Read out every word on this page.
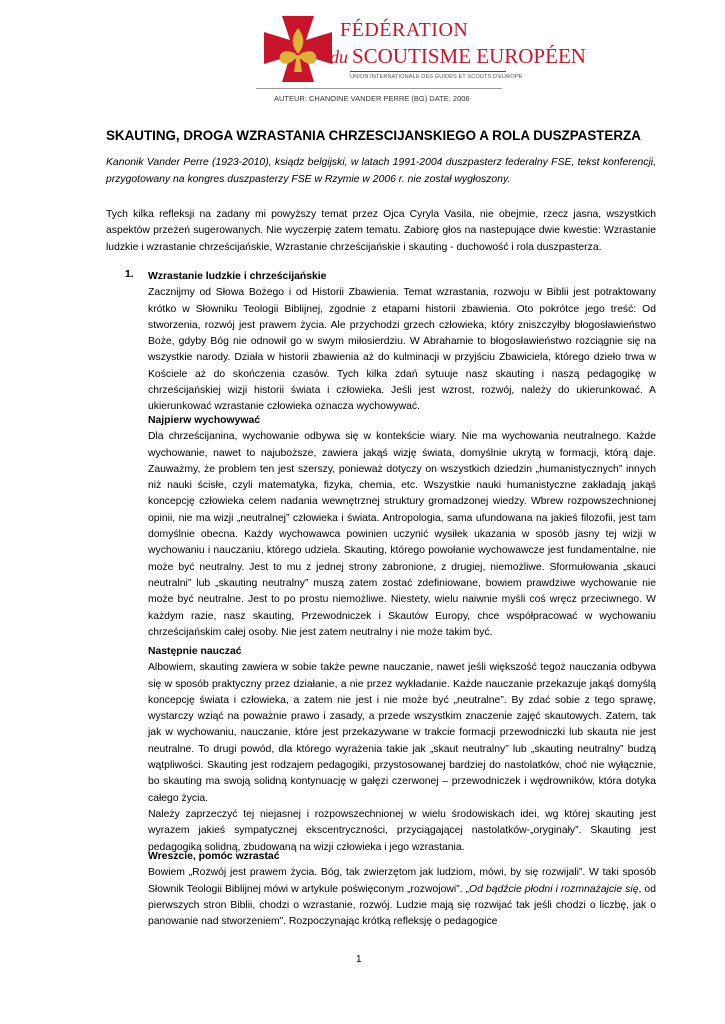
FÉDÉRATION
du SCOUTISME EUROPÉEN
UNION INTERNATIONALE DES GUIDES ET SCOUTS D'EUROPE
AUTEUR: CHANOINE VANDER PERRE (BG) DATE: 2006
SKAUTING, DROGA WZRASTANIA CHRZESCIJANSKIEGO A ROLA DUSZPASTERZA

Kanonik Vander Perre (1923-2010), ksiądz belgijski, w latach 1991-2004 duszpasterz federalny FSE, tekst konferencji, przygotowany na kongres duszpasterzy FSE w Rzymie w 2006 r. nie został wygłoszony.

Tych kilka refleksji na zadany mi powyższy temat przez Ojca Cyryla Vasila, nie obejmie, rzecz jasna, wszystkich aspektów przeżeń sugerowanych. Nie wyczerpię zatem tematu. Zabiorę głos na nastepujące dwie kwestie: Wzrastanie ludzkie i wzrastanie chrześcijańskie, Wzrastanie chrześcijańskie i skauting - duchowość i rola duszpasterza.

1. Wzrastanie ludzkie i chrześcijańskie

Zacznijmy od Słowa Bożego i od Historii Zbawienia. Temat wzrastania, rozwoju w Biblii jest potraktowany krótko w Słowniku Teologii Biblijnej, zgodnie z etapami historii zbawienia. Oto pokrótce jego treść: Od stworzenia, rozwój jest prawem życia. Ale przychodzi grzech człowieka, który zniszczyłby błogosławieństwo Boże, gdyby Bóg nie odnowił go w swym miłosierdziu. W Abrahamie to błogosławieństwo rozciągnie się na wszystkie narody. Działa w historii zbawienia aż do kulminacji w przyjściu Zbawiciela, którego dzieło trwa w Kościele aż do skończenia czasów. Tych kilka zdań sytuuje nasz skauting i naszą pedagogikę w chrześcijańskiej wizji historii świata i człowieka. Jeśli jest wzrost, rozwój, należy do ukierunkować. A ukierunkować wzrastanie człowieka oznacza wychowywać.

Najpierw wychowywać

Dla chrześcijanina, wychowanie odbywa się w kontekście wiary. Nie ma wychowania neutralnego. Każde wychowanie, nawet to najuboższe, zawiera jakąś wizję świata, domyślnie ukrytą w formacji, którą daje. Zauważmy, że problem ten jest szerszy, ponieważ dotyczy on wszystkich dziedzin „humanistycznych” innych niż nauki ścisłe, czyli matematyka, fizyka, chemia, etc. Wszystkie nauki humanistyczne zakładają jakąś koncepcję człowieka celem nadania wewnętrznej struktury gromadzonej wiedzy. Wbrew rozpowszechnionej opinii, nie ma wizji „neutralnej” człowieka i świata. Antropologia, sama ufundowana na jakieś filozofii, jest tam domyślnie obecna. Każdy wychowawca powinien uczynić wysiłek ukazania w sposób jasny tej wizji w wychowaniu i nauczaniu, którego udziela. Skauting, którego powołanie wychowawcze jest fundamentalne, nie może być neutralny. Jest to mu z jednej strony zabronione, z drugiej, niemożliwe. Sformułowania „skauci neutralni” lub „skauting neutralny” muszą zatem zostać zdefiniowane, bowiem prawdziwe wychowanie nie może być neutralne. Jest to po prostu niemożliwe. Niestety, wielu naiwnie myśli coś wręcz przeciwnego. W każdym razie, nasz skauting, Przewodniczek i Skautów Europy, chce współpracować w wychowaniu chrześcijańskim całej osoby. Nie jest zatem neutralny i nie może takim być.

Następnie nauczać

Albowiem, skauting zawiera w sobie także pewne nauczanie, nawet jeśli większość tegoż nauczania odbywa się w sposób praktyczny przez działanie, a nie przez wykładanie. Każde nauczanie przekazuje jakąś domyślą koncepcję świata i człowieka, a zatem nie jest i nie może być „neutralne”. By zdać sobie z tego sprawę, wystarczy wziąć na poważnie prawo i zasady, a przede wszystkim znaczenie zajęć skautowych. Zatem, tak jak w wychowaniu, nauczanie, które jest przekazywane w trakcie formacji przewodniczki lub skauta nie jest neutralne. To drugi powód, dla którego wyrażenia takie jak „skaut neutralny” lub „skauting neutralny” budzą wątpliwości. Skauting jest rodzajem pedagogiki, przystosowanej bardziej do nastolatków, choć nie wyłącznie, bo skauting ma swoją solidną kontynuację w gałęzi czerwonej – przewodniczek i wędrowników, która dotyka całego życia.

Należy zaprzeczyć tej niejasnej i rozpowszechnionej w wielu środowiskach idei, wg której skauting jest wyrazem jakieś sympatycznej ekscentryczności, przyciągającej nastolatków-„oryginały”. Skauting jest pedagogiką solidną, zbudowaną na wizji człowieka i jego wzrastania.

Wreszcie, pomóc wzrastać

Bowiem „Rozwój jest prawem życia. Bóg, tak zwierzętom jak ludziom, mówi, by się rozwijali”. W taki sposób Słownik Teologii Biblijnej mówi w artykule poświęconym „rozwojowi”. „Od bądźcie płodni i rozmnażajcie się, od pierwszych stron Biblii, chodzi o wzrastanie, rozwój. Ludzie mają się rozwijać tak jeśli chodzi o liczbę, jak o panowanie nad stworzeniem”. Rozpoczynając krótką refleksję o pedagogice

1
